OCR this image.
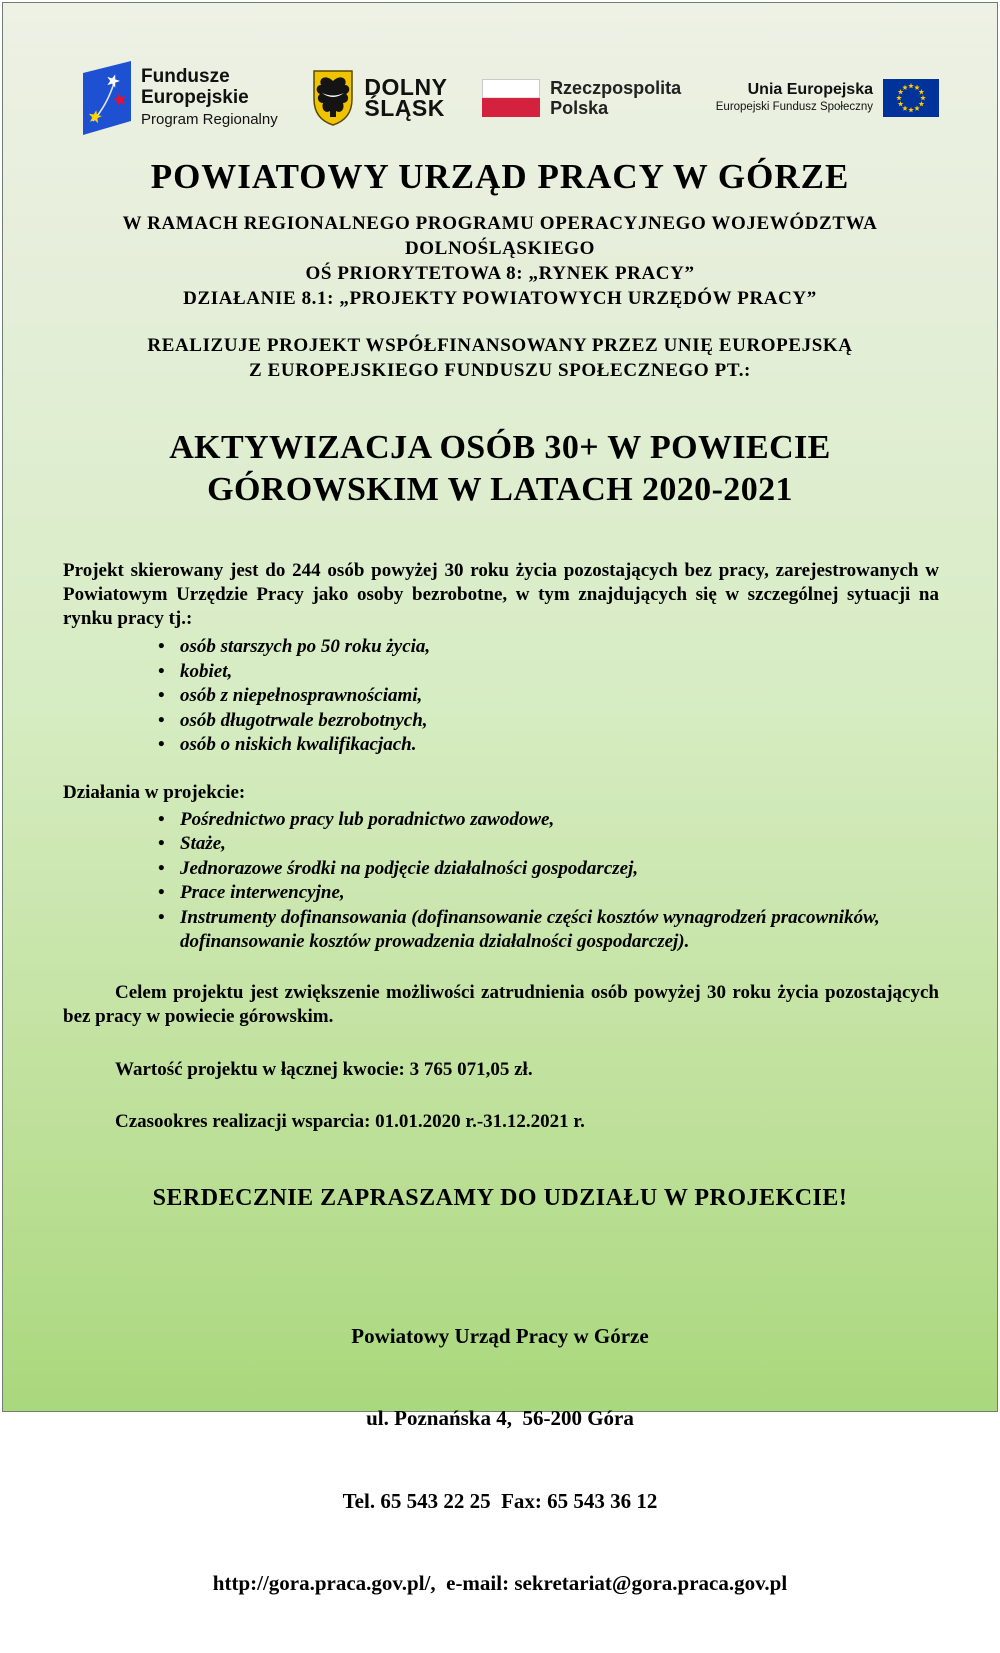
Fundusze
Europejskie
Program Regionalny
DOLNY
ŚLĄSK
Rzeczpospolita
Polska
Unia Europejska
Europejski Fundusz Społeczny
POWIATOWY URZĄD PRACY W GÓRZE
W RAMACH REGIONALNEGO PROGRAMU OPERACYJNEGO WOJEWÓDZTWA
DOLNOŚLĄSKIEGO
OŚ PRIORYTETOWA 8: „RYNEK PRACY”
DZIAŁANIE 8.1: „PROJEKTY POWIATOWYCH URZĘDÓW PRACY”
REALIZUJE PROJEKT WSPÓŁFINANSOWANY PRZEZ UNIĘ EUROPEJSKĄ
Z EUROPEJSKIEGO FUNDUSZU SPOŁECZNEGO PT.:
AKTYWIZACJA OSÓB 30+ W POWIECIE
GÓROWSKIM W LATACH 2020-2021
Projekt skierowany jest do 244 osób powyżej 30 roku życia pozostających bez pracy, zarejestrowanych w Powiatowym Urzędzie Pracy jako osoby bezrobotne, w tym znajdujących się w szczególnej sytuacji na rynku pracy tj.:
• osób starszych po 50 roku życia,
• kobiet,
• osób z niepełnosprawnościami,
• osób długotrwale bezrobotnych,
• osób o niskich kwalifikacjach.
Działania w projekcie:
• Pośrednictwo pracy lub poradnictwo zawodowe,
• Staże,
• Jednorazowe środki na podjęcie działalności gospodarczej,
• Prace interwencyjne,
• Instrumenty dofinansowania (dofinansowanie części kosztów wynagrodzeń pracowników, dofinansowanie kosztów prowadzenia działalności gospodarczej).
Celem projektu jest zwiększenie możliwości zatrudnienia osób powyżej 30 roku życia pozostających bez pracy w powiecie górowskim.
Wartość projektu w łącznej kwocie: 3 765 071,05 zł.
Czasookres realizacji wsparcia: 01.01.2020 r.-31.12.2021 r.
SERDECZNIE ZAPRASZAMY DO UDZIAŁU W PROJEKCIE!

Powiatowy Urząd Pracy w Górze

ul. Poznańska 4,  56-200 Góra

Tel. 65 543 22 25  Fax: 65 543 36 12

http://gora.praca.gov.pl/,  e-mail: sekretariat@gora.praca.gov.pl
